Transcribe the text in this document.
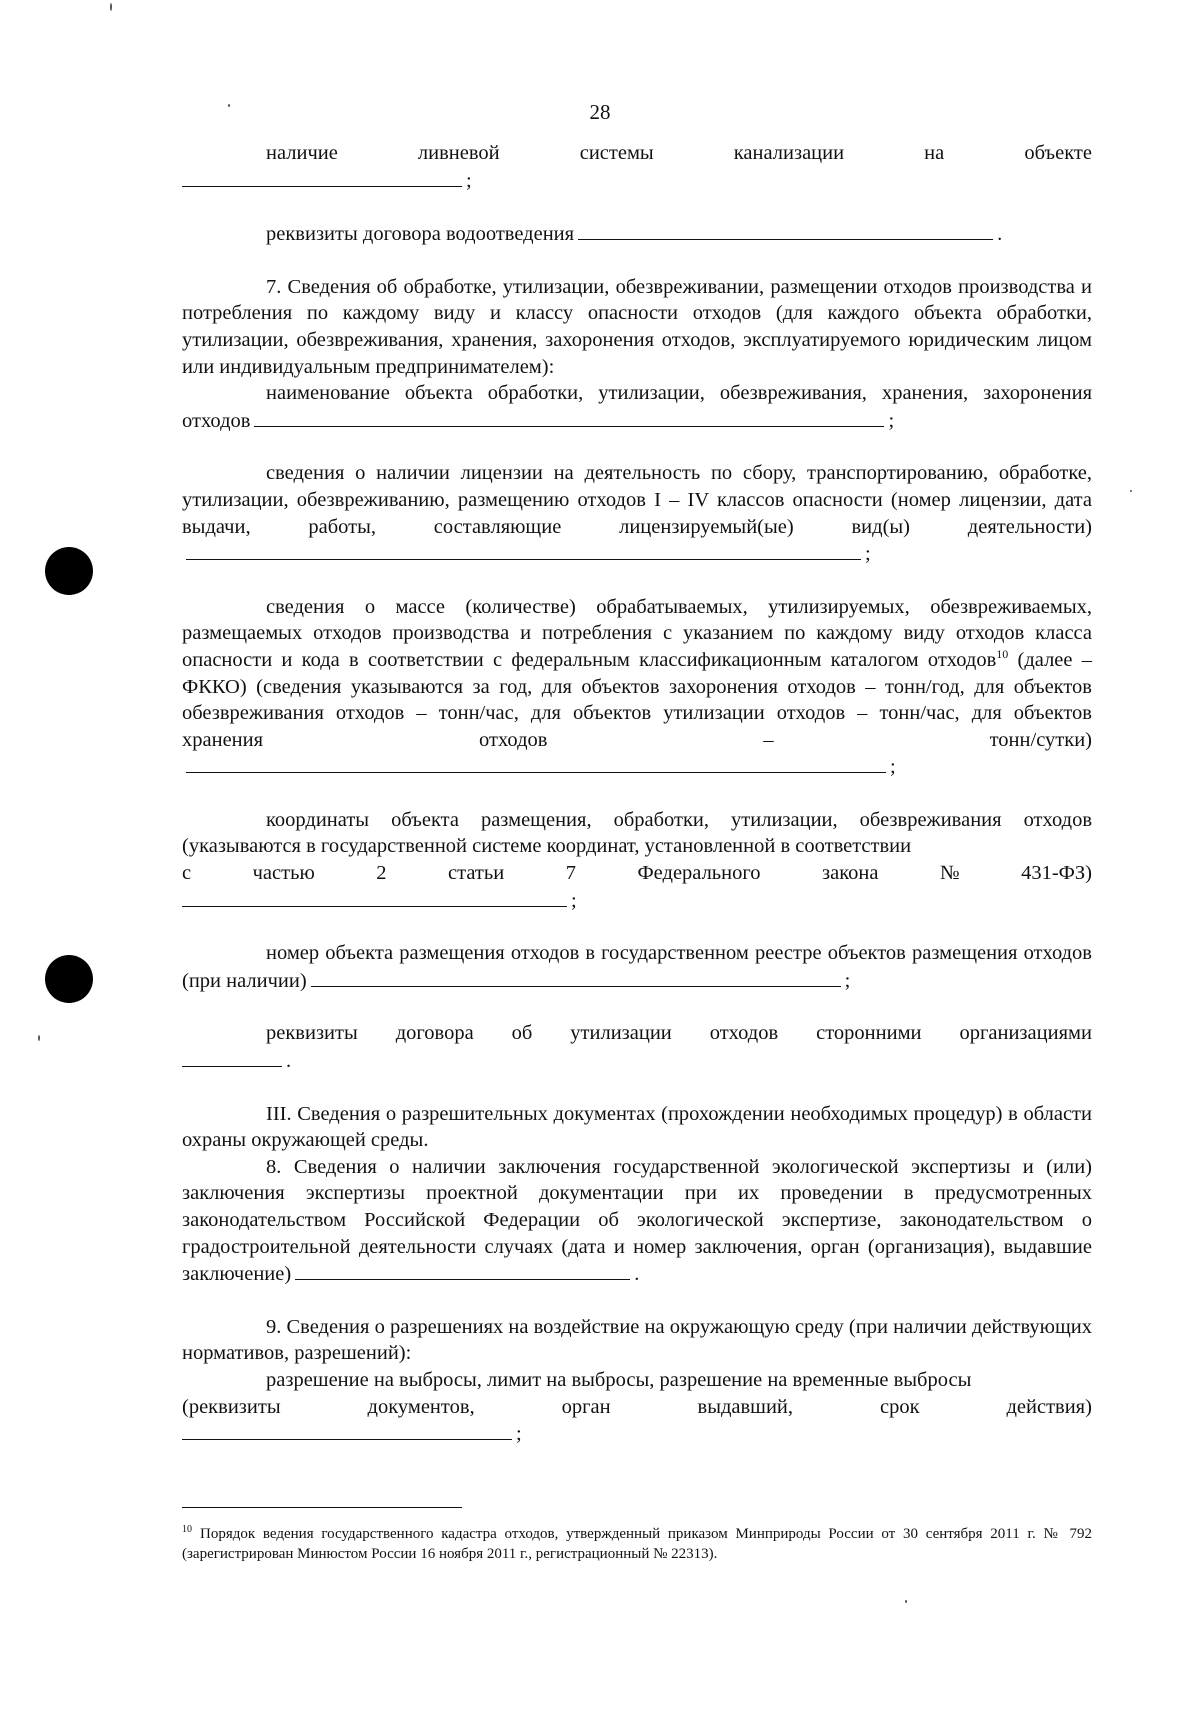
28

наличие	ливневой	системы	канализации	на	объекте

;

реквизиты договора водоотведения	.

7. Сведения об обработке, утилизации, обезвреживании, размещении отходов производства и потребления по каждому виду и классу опасности отходов (для каждого объекта обработки, утилизации, обезвреживания, хранения, захоронения отходов, эксплуатируемого юридическим лицом или индивидуальным предпринимателем):

наименование объекта обработки, утилизации, обезвреживания, хранения, захоронения отходов	;

сведения о наличии лицензии на деятельность по сбору, транспортированию, обработке, утилизации, обезвреживанию, размещению отходов I – IV классов опасности (номер лицензии, дата выдачи, работы, составляющие лицензируемый(ые) вид(ы) деятельности);

сведения о массе (количестве) обрабатываемых, утилизируемых, обезвреживаемых, размещаемых отходов производства и потребления с указанием по каждому виду отходов класса опасности и кода в соответствии с федеральным классификационным каталогом отходов$^{10}$ (далее – ФККО) (сведения указываются за год, для объектов захоронения отходов – тонн/год, для объектов обезвреживания отходов – тонн/час, для объектов утилизации отходов – тонн/час, для объектов хранения отходов – тонн/сутки);

координаты объекта размещения, обработки, утилизации, обезвреживания отходов (указываются в государственной системе координат, установленной в соответствии

с	частью	2	статьи	7	Федерального	закона	№	431-ФЗ)

;

номер объекта размещения отходов в государственном реестре объектов размещения отходов (при наличии)	;

реквизиты договора об утилизации отходов сторонними организациями

.

III. Сведения о разрешительных документах (прохождении необходимых процедур) в области охраны окружающей среды.

8. Сведения о наличии заключения государственной экологической экспертизы и (или) заключения экспертизы проектной документации при их проведении в предусмотренных законодательством Российской Федерации об экологической экспертизе, законодательством о градостроительной деятельности случаях (дата и номер заключения, орган (организация), выдавшие заключение)	.

9. Сведения о разрешениях на воздействие на окружающую среду (при наличии действующих нормативов, разрешений):

разрешение на выбросы, лимит на выбросы, разрешение на временные выбросы

(реквизиты	документов,	орган	выдавший,	срок	действия)

;

$^{10}$ Порядок ведения государственного кадастра отходов, утвержденный приказом Минприроды России от 30 сентября 2011 г. № 792 (зарегистрирован Минюстом России 16 ноября 2011 г., регистрационный № 22313).
